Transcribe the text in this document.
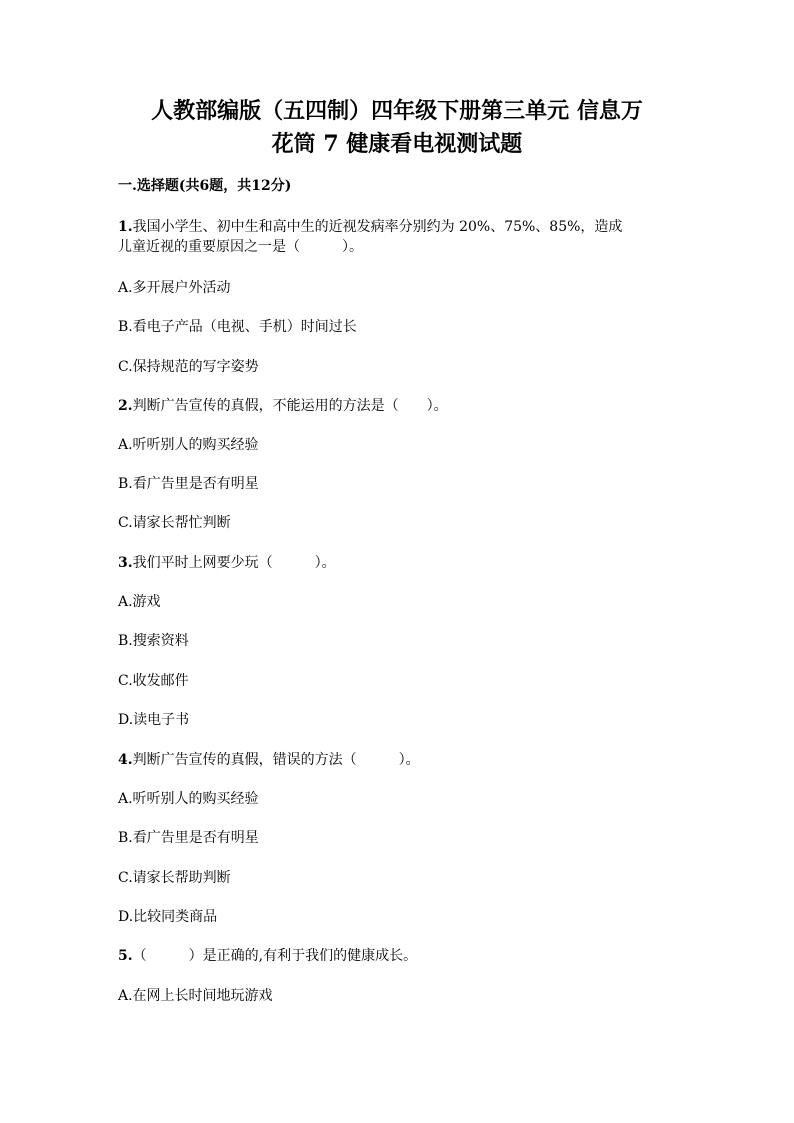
人教部编版（五四制）四年级下册第三单元 信息万
花筒 7 健康看电视测试题
一.选择题(共6题，共12分)
1.我国小学生、初中生和高中生的近视发病率分别约为 20%、75%、85%，造成
儿童近视的重要原因之一是（　　　）。
A.多开展户外活动
B.看电子产品（电视、手机）时间过长
C.保持规范的写字姿势
2.判断广告宣传的真假，不能运用的方法是（　　）。
A.听听别人的购买经验
B.看广告里是否有明星
C.请家长帮忙判断
3.我们平时上网要少玩（　　　）。
A.游戏
B.搜索资料
C.收发邮件
D.读电子书
4.判断广告宣传的真假，错误的方法（　　　）。
A.听听别人的购买经验
B.看广告里是否有明星
C.请家长帮助判断
D.比较同类商品
5.（　　　）是正确的,有利于我们的健康成长。
A.在网上长时间地玩游戏
